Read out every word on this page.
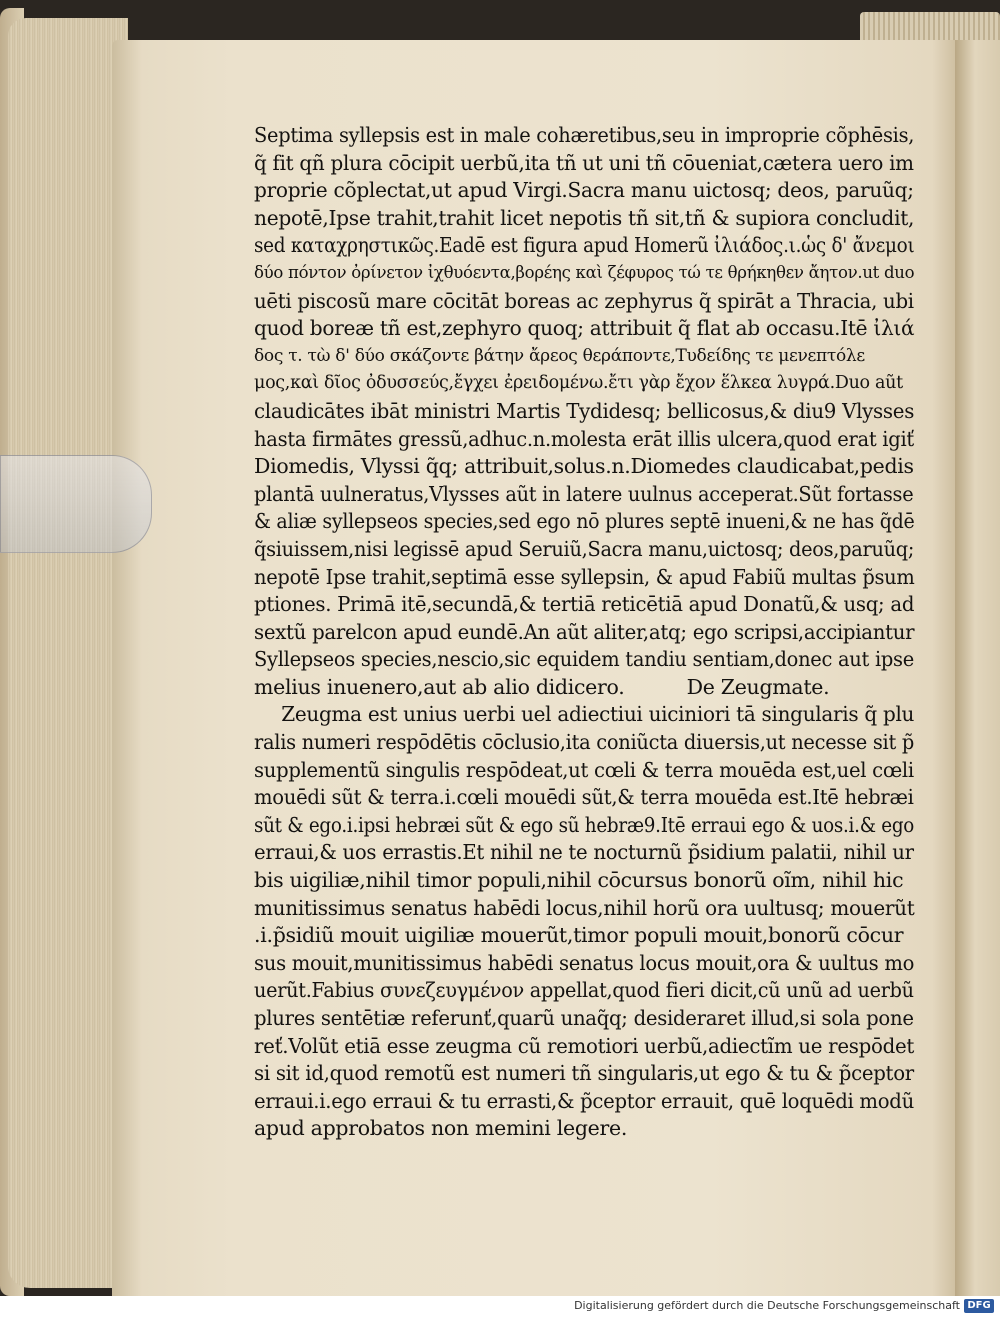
Septima syllepsis est in male cohæretibus,seu in improprie cõphēsis,
q̃ fit qñ plura cōcipit uerbũ,ita tñ ut uni tñ cōueniat,cætera uero im
proprie cõplectat,ut apud Virgi.Sacra manu uictosq; deos, paruũq;
nepotē,Ipse trahit,trahit licet nepotis tñ sit,tñ & supiora concludit,
sed καταχρηστικῶς.Eadē est figura apud Homerũ ἰλιάδος.ι.ὡς δ' ἄνεμοι
δύο πόντον ὀρίνετον ἰχθυόεντα,βορέης καὶ ζέφυρος τώ τε θρήκηθεν ἄητον.ut duo
uēti piscosũ mare cōcitāt boreas ac zephyrus q̃ spirāt a Thracia, ubi
quod boreæ tñ est,zephyro quoq; attribuit q̃ flat ab occasu.Itē ἰλιά
δος τ. τὼ δ' δύο σκάζοντε βάτην ἄρεος θεράποντε,Τυδείδης τε μενεπτόλε
μος,καὶ δῖος ὀδυσσεύς,ἔγχει ἐρειδομένω.ἔτι γὰρ ἔχον ἕλκεα λυγρά.Duo aũt
claudicātes ibāt ministri Martis Tydidesq; bellicosus,& diu9 Vlysses
hasta firmātes gressũ,adhuc.n.molesta erāt illis ulcera,quod erat igiť
Diomedis, Vlyssi q̃q; attribuit,solus.n.Diomedes claudicabat,pedis
plantā uulneratus,Vlysses aũt in latere uulnus acceperat.Sũt fortasse
& aliæ syllepseos species,sed ego nō plures septē inueni,& ne has q̃dē
q̃siuissem,nisi legissē apud Seruiũ,Sacra manu,uictosq; deos,paruũq;
nepotē Ipse trahit,septimā esse syllepsin, & apud Fabiũ multas p̃sum
ptiones. Primā itē,secundā,& tertiā reticētiā apud Donatũ,& usq; ad
sextũ parelcon apud eundē.An aũt aliter,atq; ego scripsi,accipiantur
Syllepseos species,nescio,sic equidem tandiu sentiam,donec aut ipse
melius inuenero,aut ab alio didicero.          De Zeugmate.
Zeugma est unius uerbi uel adiectiui uiciniori tā singularis q̃ plu
ralis numeri respōdētis cōclusio,ita coniũcta diuersis,ut necesse sit p̃
supplementũ singulis respōdeat,ut cœli & terra mouēda est,uel cœli
mouēdi sũt & terra.i.cœli mouēdi sũt,& terra mouēda est.Itē hebræi
sũt & ego.i.ipsi hebræi sũt & ego sũ hebræ9.Itē erraui ego & uos.i.& ego
erraui,& uos errastis.Et nihil ne te nocturnũ p̃sidium palatii, nihil ur
bis uigiliæ,nihil timor populi,nihil cōcursus bonorũ oĩm, nihil hic
munitissimus senatus habēdi locus,nihil horũ ora uultusq; mouerũt
.i.p̃sidiũ mouit uigiliæ mouerũt,timor populi mouit,bonorũ cōcur
sus mouit,munitissimus habēdi senatus locus mouit,ora & uultus mo
uerũt.Fabius συνεζευγμένον appellat,quod fieri dicit,cũ unũ ad uerbũ
plures sentētiæ referunť,quarũ unaq̃q; desideraret illud,si sola pone
reť.Volũt etiā esse zeugma cũ remotiori uerbũ,adiectĩm ue respōdet
si sit id,quod remotũ est numeri tñ singularis,ut ego & tu & p̃ceptor
erraui.i.ego erraui & tu errasti,& p̃ceptor errauit, quē loquēdi modũ
apud approbatos non memini legere.
Digitalisierung gefördert durch die Deutsche Forschungsgemeinschaft DFG
